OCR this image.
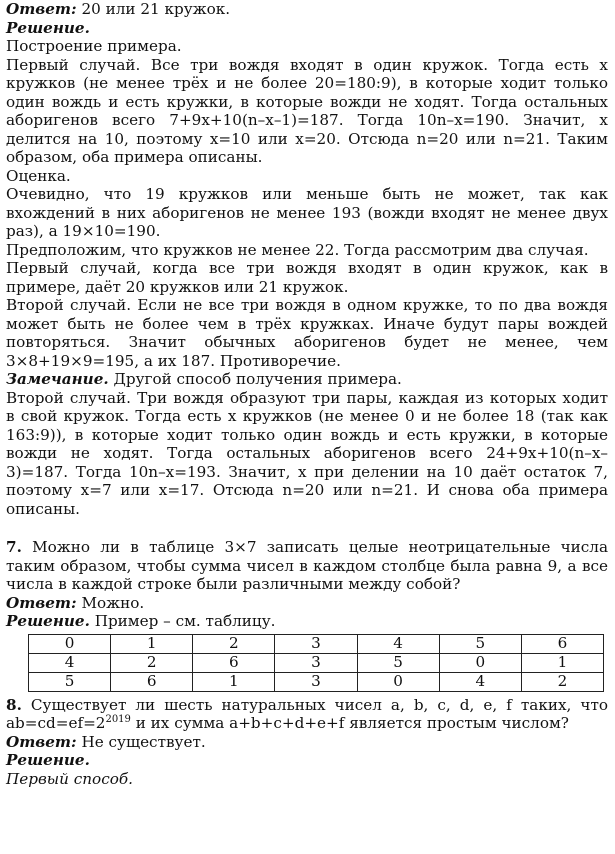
Ответ: 20 или 21 кружок.

Решение.

Построение примера.

Первый случай. Все три вождя входят в один кружок. Тогда есть x кружков (не менее трёх и не более 20=180:9), в которые ходит только один вождь и есть кружки, в которые вожди не ходят. Тогда остальных аборигенов всего 7+9x+10(n–x–1)=187. Тогда 10n–x=190. Значит, x делится на 10, поэтому x=10 или x=20. Отсюда n=20 или n=21. Таким образом, оба примера описаны.

Оценка.

Очевидно, что 19 кружков или меньше быть не может, так как вхождений в них аборигенов не менее 193 (вожди входят не менее двух раз), а 19×10=190.

Предположим, что кружков не менее 22. Тогда рассмотрим два случая.

Первый случай, когда все три вождя входят в один кружок, как в примере, даёт 20 кружков или 21 кружок.

Второй случай. Если не все три вождя в одном кружке, то по два вождя может быть не более чем в трёх кружках. Иначе будут пары вождей повторяться. Значит обычных аборигенов будет не менее, чем 3×8+19×9=195, а их 187. Противоречие.

Замечание. Другой способ получения примера.

Второй случай. Три вождя образуют три пары, каждая из которых ходит в свой кружок. Тогда есть x кружков (не менее 0 и не более 18 (так как 163:9)), в которые ходит только один вождь и есть кружки, в которые вожди не ходят. Тогда остальных аборигенов всего 24+9x+10(n–x–3)=187. Тогда 10n–x=193. Значит, x при делении на 10 даёт остаток 7, поэтому x=7 или x=17. Отсюда n=20 или n=21. И снова оба примера описаны.

7. Можно ли в таблице 3×7 записать целые неотрицательные числа таким образом, чтобы сумма чисел в каждом столбце была равна 9, а все числа в каждой строке были различными между собой?

Ответ: Можно.

Решение. Пример – см. таблицу.

0	1	2	3	4	5	6
4	2	6	3	5	0	1
5	6	1	3	0	4	2

8. Существует ли шесть натуральных чисел a, b, c, d, e, f таких, что $ab=cd=ef=2^{2019}$ и их сумма a+b+c+d+e+f является простым числом?

Ответ: Не существует.

Решение.

Первый способ.
